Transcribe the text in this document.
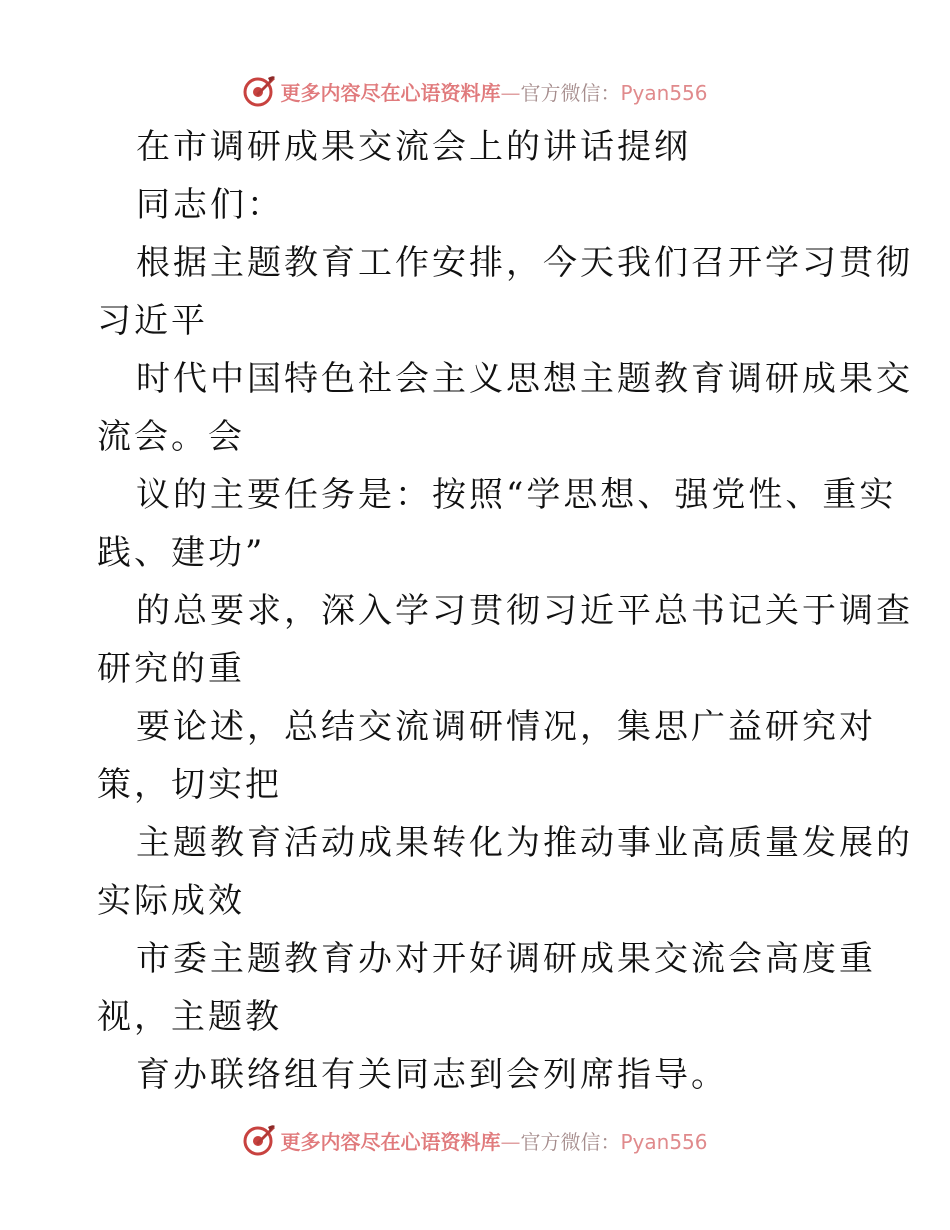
更多内容尽在心语资料库—官方微信：Pyan556
在市调研成果交流会上的讲话提纲
同志们：
根据主题教育工作安排，今天我们召开学习贯彻
习近平
时代中国特色社会主义思想主题教育调研成果交
流会。会
议的主要任务是：按照“学思想、强党性、重实
践、建功”
的总要求，深入学习贯彻习近平总书记关于调查
研究的重
要论述，总结交流调研情况，集思广益研究对
策，切实把
主题教育活动成果转化为推动事业高质量发展的
实际成效
市委主题教育办对开好调研成果交流会高度重
视，主题教
育办联络组有关同志到会列席指导。
更多内容尽在心语资料库—官方微信：Pyan556
